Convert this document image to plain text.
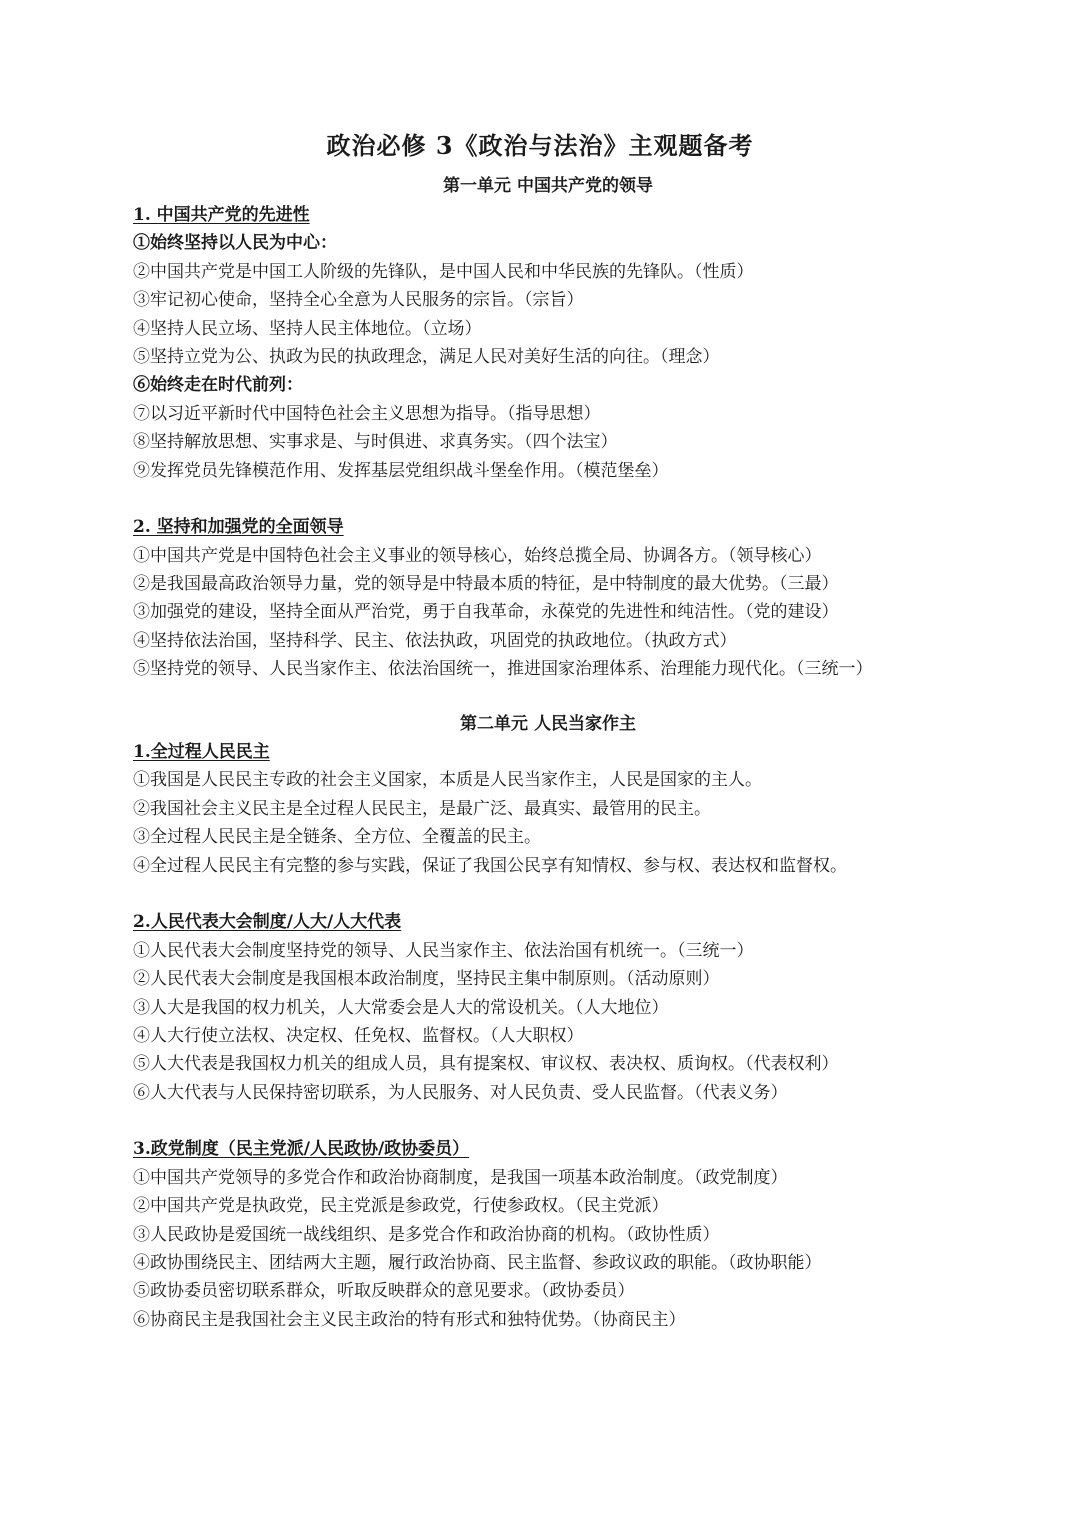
政治必修 3《政治与法治》主观题备考
第一单元 中国共产党的领导
1. 中国共产党的先进性
①始终坚持以人民为中心：
②中国共产党是中国工人阶级的先锋队，是中国人民和中华民族的先锋队。（性质）
③牢记初心使命，坚持全心全意为人民服务的宗旨。（宗旨）
④坚持人民立场、坚持人民主体地位。（立场）
⑤坚持立党为公、执政为民的执政理念，满足人民对美好生活的向往。（理念）
⑥始终走在时代前列：
⑦以习近平新时代中国特色社会主义思想为指导。（指导思想）
⑧坚持解放思想、实事求是、与时俱进、求真务实。（四个法宝）
⑨发挥党员先锋模范作用、发挥基层党组织战斗堡垒作用。（模范堡垒）
2. 坚持和加强党的全面领导
①中国共产党是中国特色社会主义事业的领导核心，始终总揽全局、协调各方。（领导核心）
②是我国最高政治领导力量，党的领导是中特最本质的特征，是中特制度的最大优势。（三最）
③加强党的建设，坚持全面从严治党，勇于自我革命，永葆党的先进性和纯洁性。（党的建设）
④坚持依法治国，坚持科学、民主、依法执政，巩固党的执政地位。（执政方式）
⑤坚持党的领导、人民当家作主、依法治国统一，推进国家治理体系、治理能力现代化。（三统一）
第二单元 人民当家作主
1.全过程人民民主
①我国是人民民主专政的社会主义国家，本质是人民当家作主，人民是国家的主人。
②我国社会主义民主是全过程人民民主，是最广泛、最真实、最管用的民主。
③全过程人民民主是全链条、全方位、全覆盖的民主。
④全过程人民民主有完整的参与实践，保证了我国公民享有知情权、参与权、表达权和监督权。
2.人民代表大会制度/人大/人大代表
①人民代表大会制度坚持党的领导、人民当家作主、依法治国有机统一。（三统一）
②人民代表大会制度是我国根本政治制度，坚持民主集中制原则。（活动原则）
③人大是我国的权力机关，人大常委会是人大的常设机关。（人大地位）
④人大行使立法权、决定权、任免权、监督权。（人大职权）
⑤人大代表是我国权力机关的组成人员，具有提案权、审议权、表决权、质询权。（代表权利）
⑥人大代表与人民保持密切联系，为人民服务、对人民负责、受人民监督。（代表义务）
3.政党制度（民主党派/人民政协/政协委员）
①中国共产党领导的多党合作和政治协商制度，是我国一项基本政治制度。（政党制度）
②中国共产党是执政党，民主党派是参政党，行使参政权。（民主党派）
③人民政协是爱国统一战线组织、是多党合作和政治协商的机构。（政协性质）
④政协围绕民主、团结两大主题，履行政治协商、民主监督、参政议政的职能。（政协职能）
⑤政协委员密切联系群众，听取反映群众的意见要求。（政协委员）
⑥协商民主是我国社会主义民主政治的特有形式和独特优势。（协商民主）
